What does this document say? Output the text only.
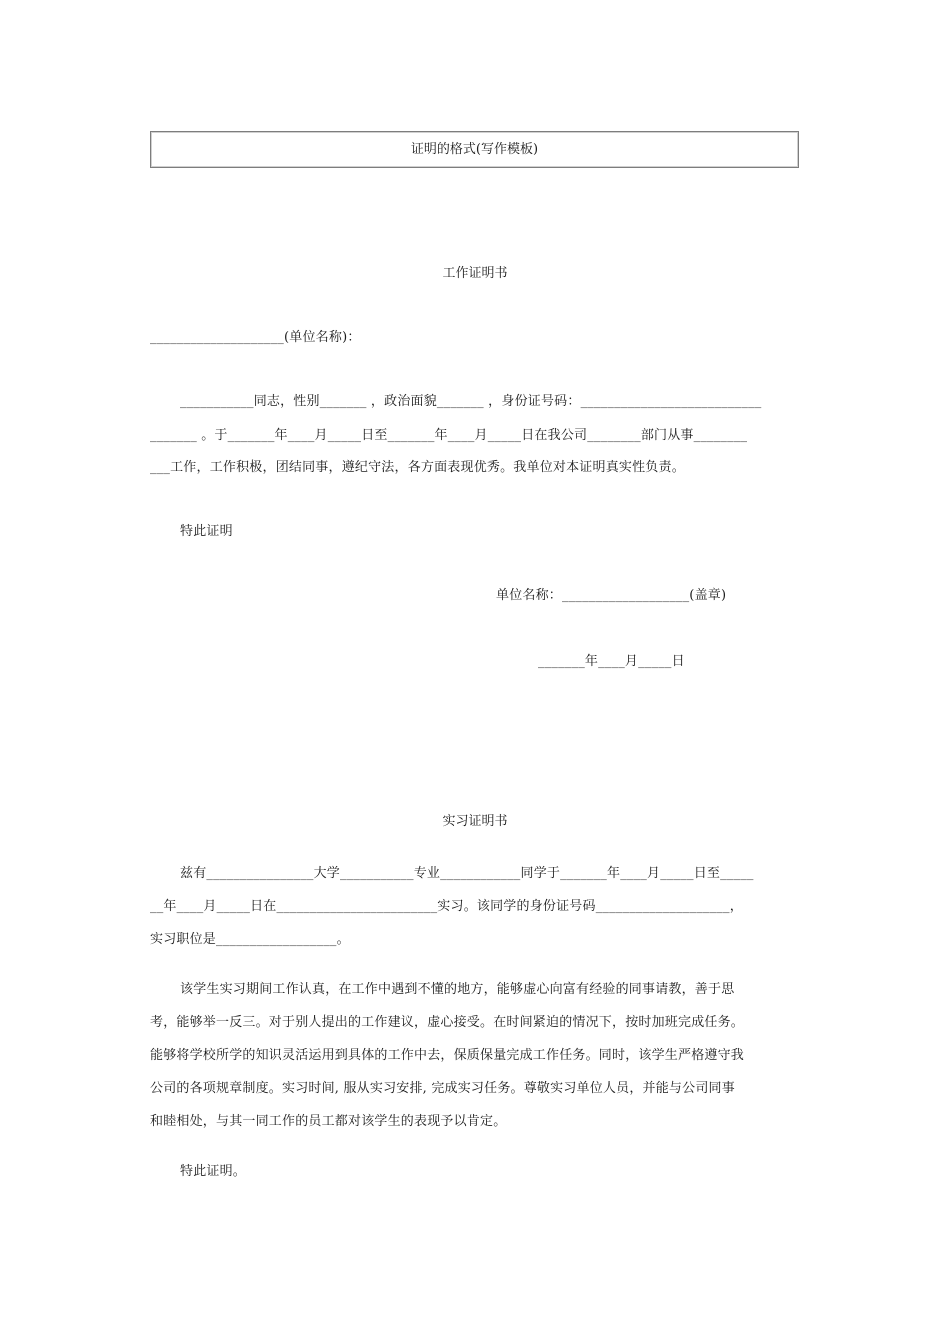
证明的格式(写作模板)
工作证明书
____________________(单位名称)：
___________同志，性别_______ ，政治面貌_______ ，身份证号码：___________________________
_______ 。于_______年____月_____日至_______年____月_____日在我公司________部门从事________
___工作，工作积极，团结同事，遵纪守法，各方面表现优秀。我单位对本证明真实性负责。
特此证明
单位名称：___________________(盖章)
_______年____月_____日
实习证明书
兹有________________大学___________专业____________同学于_______年____月_____日至_____
__年____月_____日在________________________实习。该同学的身份证号码____________________，
实习职位是__________________。
该学生实习期间工作认真，在工作中遇到不懂的地方，能够虚心向富有经验的同事请教，善于思
考，能够举一反三。对于别人提出的工作建议，虚心接受。在时间紧迫的情况下，按时加班完成任务。
能够将学校所学的知识灵活运用到具体的工作中去，保质保量完成工作任务。同时，该学生严格遵守我
公司的各项规章制度。实习时间, 服从实习安排, 完成实习任务。尊敬实习单位人员，并能与公司同事
和睦相处，与其一同工作的员工都对该学生的表现予以肯定。
特此证明。
